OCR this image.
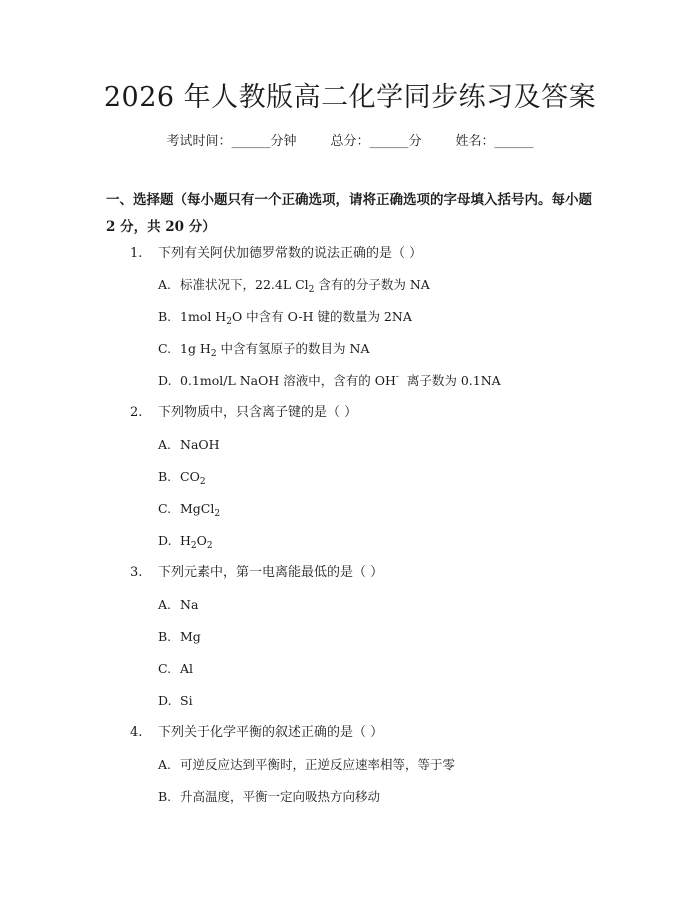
2026 年人教版高二化学同步练习及答案
考试时间：______分钟	总分：______分	姓名：______
一、选择题（每小题只有一个正确选项，请将正确选项的字母填入括号内。每小题 2 分，共 20 分）
1. 下列有关阿伏加德罗常数的说法正确的是（ ）
A. 标准状况下，22.4L $Cl_2$ 含有的分子数为 NA
B. 1mol $H_2O$ 中含有 O-H 键的数量为 2NA
C. 1g $H_2$ 中含有氢原子的数目为 NA
D. 0.1mol/L NaOH 溶液中，含有的 OH-  离子数为 0.1NA
2. 下列物质中，只含离子键的是（ ）
A. NaOH
B. $CO_2$
C. MgCl$_2$
D. $H_2O_2$
3. 下列元素中，第一电离能最低的是（ ）
A. Na
B. Mg
C. Al
D. Si
4. 下列关于化学平衡的叙述正确的是（ ）
A. 可逆反应达到平衡时，正逆反应速率相等，等于零
B. 升高温度，平衡一定向吸热方向移动
